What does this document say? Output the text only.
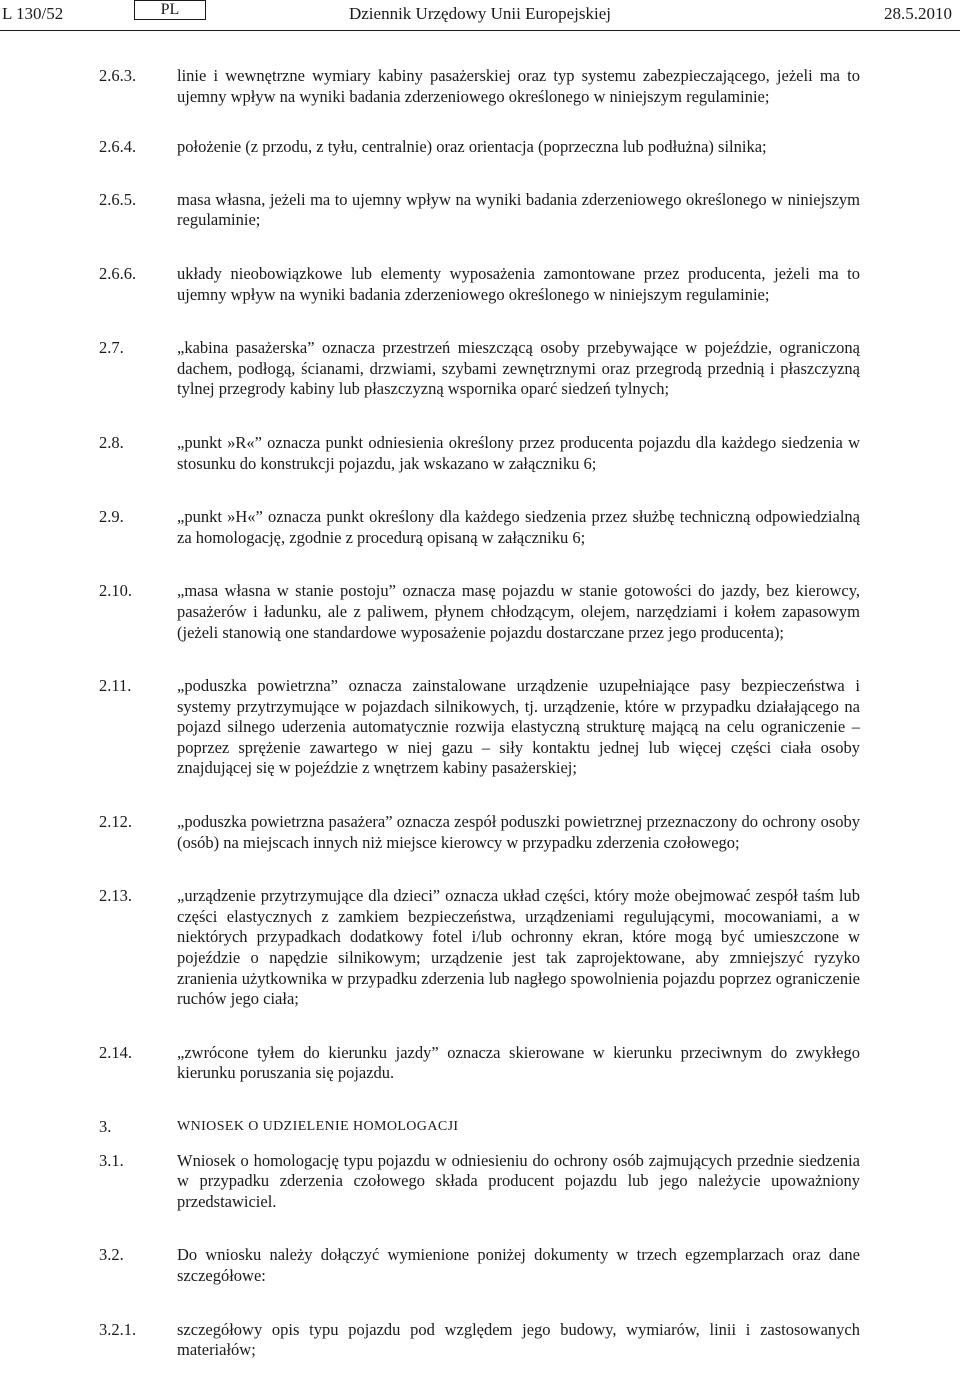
L 130/52	PL	Dziennik Urzędowy Unii Europejskiej	28.5.2010
2.6.3.	linie i wewnętrzne wymiary kabiny pasażerskiej oraz typ systemu zabezpieczającego, jeżeli ma to ujemny wpływ na wyniki badania zderzeniowego określonego w niniejszym regulaminie;
2.6.4.	położenie (z przodu, z tyłu, centralnie) oraz orientacja (poprzeczna lub podłużna) silnika;
2.6.5.	masa własna, jeżeli ma to ujemny wpływ na wyniki badania zderzeniowego określonego w niniejszym regulaminie;
2.6.6.	układy nieobowiązkowe lub elementy wyposażenia zamontowane przez producenta, jeżeli ma to ujemny wpływ na wyniki badania zderzeniowego określonego w niniejszym regulaminie;
2.7.	„kabina pasażerska” oznacza przestrzeń mieszczącą osoby przebywające w pojeździe, ograniczoną dachem, podłogą, ścianami, drzwiami, szybami zewnętrznymi oraz przegrodą przednią i płaszczyzną tylnej przegrody kabiny lub płaszczyzną wspornika oparć siedzeń tylnych;
2.8.	„punkt »R«” oznacza punkt odniesienia określony przez producenta pojazdu dla każdego siedzenia w stosunku do konstrukcji pojazdu, jak wskazano w załączniku 6;
2.9.	„punkt »H«” oznacza punkt określony dla każdego siedzenia przez służbę techniczną odpowiedzialną za homologację, zgodnie z procedurą opisaną w załączniku 6;
2.10.	„masa własna w stanie postoju” oznacza masę pojazdu w stanie gotowości do jazdy, bez kierowcy, pasażerów i ładunku, ale z paliwem, płynem chłodzącym, olejem, narzędziami i kołem zapasowym (jeżeli stanowią one standardowe wyposażenie pojazdu dostarczane przez jego producenta);
2.11.	„poduszka powietrzna” oznacza zainstalowane urządzenie uzupełniające pasy bezpieczeństwa i systemy przytrzymujące w pojazdach silnikowych, tj. urządzenie, które w przypadku działającego na pojazd silnego uderzenia automatycznie rozwija elastyczną strukturę mającą na celu ograniczenie – poprzez sprężenie zawartego w niej gazu – siły kontaktu jednej lub więcej części ciała osoby znajdującej się w pojeździe z wnętrzem kabiny pasażerskiej;
2.12.	„poduszka powietrzna pasażera” oznacza zespół poduszki powietrznej przeznaczony do ochrony osoby (osób) na miejscach innych niż miejsce kierowcy w przypadku zderzenia czołowego;
2.13.	„urządzenie przytrzymujące dla dzieci” oznacza układ części, który może obejmować zespół taśm lub części elastycznych z zamkiem bezpieczeństwa, urządzeniami regulującymi, mocowaniami, a w niektórych przypadkach dodatkowy fotel i/lub ochronny ekran, które mogą być umieszczone w pojeździe o napędzie silnikowym; urządzenie jest tak zaprojektowane, aby zmniejszyć ryzyko zranienia użytkownika w przypadku zderzenia lub nagłego spowolnienia pojazdu poprzez ograniczenie ruchów jego ciała;
2.14.	„zwrócone tyłem do kierunku jazdy” oznacza skierowane w kierunku przeciwnym do zwykłego kierunku poruszania się pojazdu.
3.	WNIOSEK O UDZIELENIE HOMOLOGACJI
3.1.	Wniosek o homologację typu pojazdu w odniesieniu do ochrony osób zajmujących przednie siedzenia w przypadku zderzenia czołowego składa producent pojazdu lub jego należycie upoważniony przedstawiciel.
3.2.	Do wniosku należy dołączyć wymienione poniżej dokumenty w trzech egzemplarzach oraz dane szczegółowe:
3.2.1.	szczegółowy opis typu pojazdu pod względem jego budowy, wymiarów, linii i zastosowanych materiałów;
